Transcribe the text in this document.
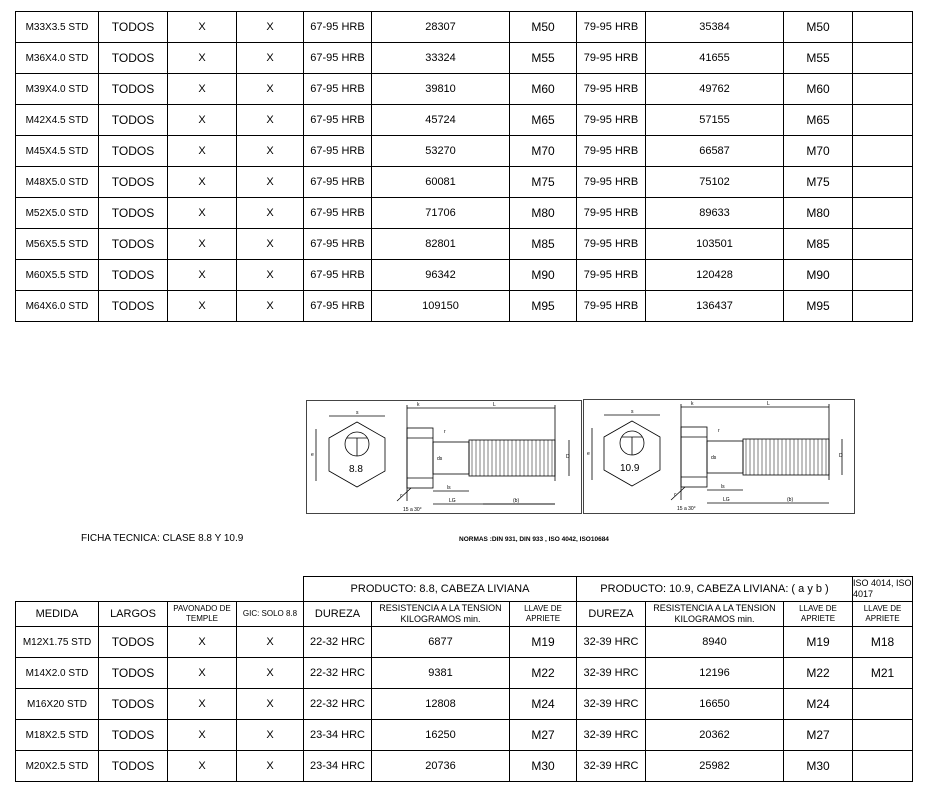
M33X3.5 STD	TODOS	X	X	67-95 HRB	28307	M50	79-95 HRB	35384	M50	
M36X4.0 STD	TODOS	X	X	67-95 HRB	33324	M55	79-95 HRB	41655	M55	
M39X4.0 STD	TODOS	X	X	67-95 HRB	39810	M60	79-95 HRB	49762	M60	
M42X4.5 STD	TODOS	X	X	67-95 HRB	45724	M65	79-95 HRB	57155	M65	
M45X4.5 STD	TODOS	X	X	67-95 HRB	53270	M70	79-95 HRB	66587	M70	
M48X5.0 STD	TODOS	X	X	67-95 HRB	60081	M75	79-95 HRB	75102	M75	
M52X5.0 STD	TODOS	X	X	67-95 HRB	71706	M80	79-95 HRB	89633	M80	
M56X5.5 STD	TODOS	X	X	67-95 HRB	82801	M85	79-95 HRB	103501	M85	
M60X5.5 STD	TODOS	X	X	67-95 HRB	96342	M90	79-95 HRB	120428	M90	
M64X6.0 STD	TODOS	X	X	67-95 HRB	109150	M95	79-95 HRB	136437	M95	
8.8
s
e
k	L
r
ds	D
ls
LG	(b)
c
15 a 30°
10.9
s
e
k	L
r
ds	D
ls
LG	(b)
c
15 a 30°
FICHA TECNICA: CLASE 8.8 Y 10.9	NORMAS :DIN 931, DIN 933 , ISO 4042, ISO10684
				PRODUCTO: 8.8, CABEZA LIVIANA			PRODUCTO: 10.9, CABEZA LIVIANA: ( a y b )			ISO 4014, ISO 4017
MEDIDA	LARGOS	PAVONADO DE TEMPLE	GIC: SOLO 8.8	DUREZA	RESISTENCIA A LA TENSION KILOGRAMOS min.	LLAVE DE APRIETE	DUREZA	RESISTENCIA A LA TENSION KILOGRAMOS min.	LLAVE DE APRIETE	LLAVE DE APRIETE
M12X1.75 STD	TODOS	X	X	22-32 HRC	6877	M19	32-39 HRC	8940	M19	M18
M14X2.0 STD	TODOS	X	X	22-32 HRC	9381	M22	32-39 HRC	12196	M22	M21
M16X20 STD	TODOS	X	X	22-32 HRC	12808	M24	32-39 HRC	16650	M24	
M18X2.5 STD	TODOS	X	X	23-34 HRC	16250	M27	32-39 HRC	20362	M27	
M20X2.5 STD	TODOS	X	X	23-34 HRC	20736	M30	32-39 HRC	25982	M30	
